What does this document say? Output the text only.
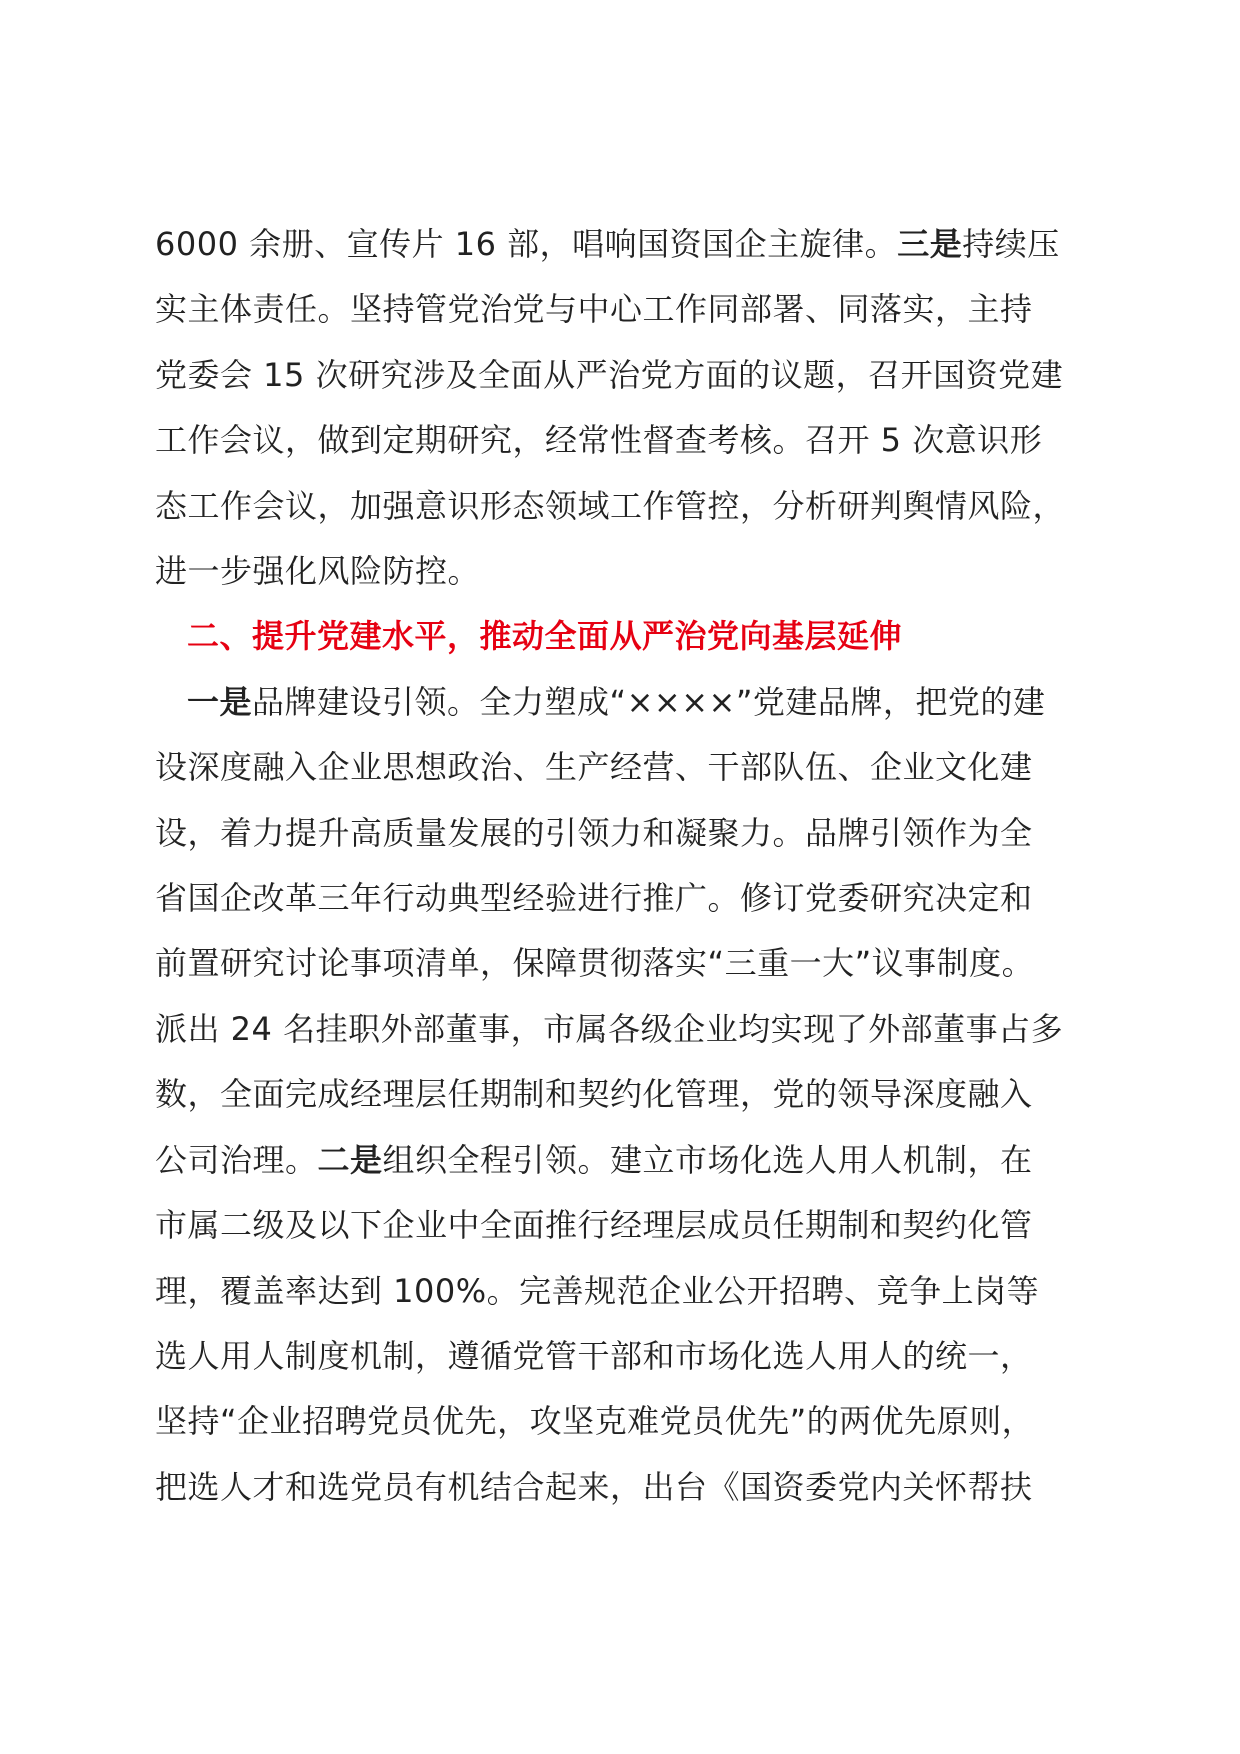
6000 余册、宣传片 16 部，唱响国资国企主旋律。三是持续压
实主体责任。坚持管党治党与中心工作同部署、同落实，主持
党委会 15 次研究涉及全面从严治党方面的议题，召开国资党建
工作会议，做到定期研究，经常性督查考核。召开 5 次意识形
态工作会议，加强意识形态领域工作管控，分析研判舆情风险，
进一步强化风险防控。

二、提升党建水平，推动全面从严治党向基层延伸

一是品牌建设引领。全力塑成“××××”党建品牌，把党的建
设深度融入企业思想政治、生产经营、干部队伍、企业文化建
设，着力提升高质量发展的引领力和凝聚力。品牌引领作为全
省国企改革三年行动典型经验进行推广。修订党委研究决定和
前置研究讨论事项清单，保障贯彻落实“三重一大”议事制度。
派出 24 名挂职外部董事，市属各级企业均实现了外部董事占多
数，全面完成经理层任期制和契约化管理，党的领导深度融入
公司治理。二是组织全程引领。建立市场化选人用人机制，在
市属二级及以下企业中全面推行经理层成员任期制和契约化管
理，覆盖率达到 100%。完善规范企业公开招聘、竞争上岗等
选人用人制度机制，遵循党管干部和市场化选人用人的统一，
坚持“企业招聘党员优先，攻坚克难党员优先”的两优先原则，
把选人才和选党员有机结合起来，出台《国资委党内关怀帮扶
